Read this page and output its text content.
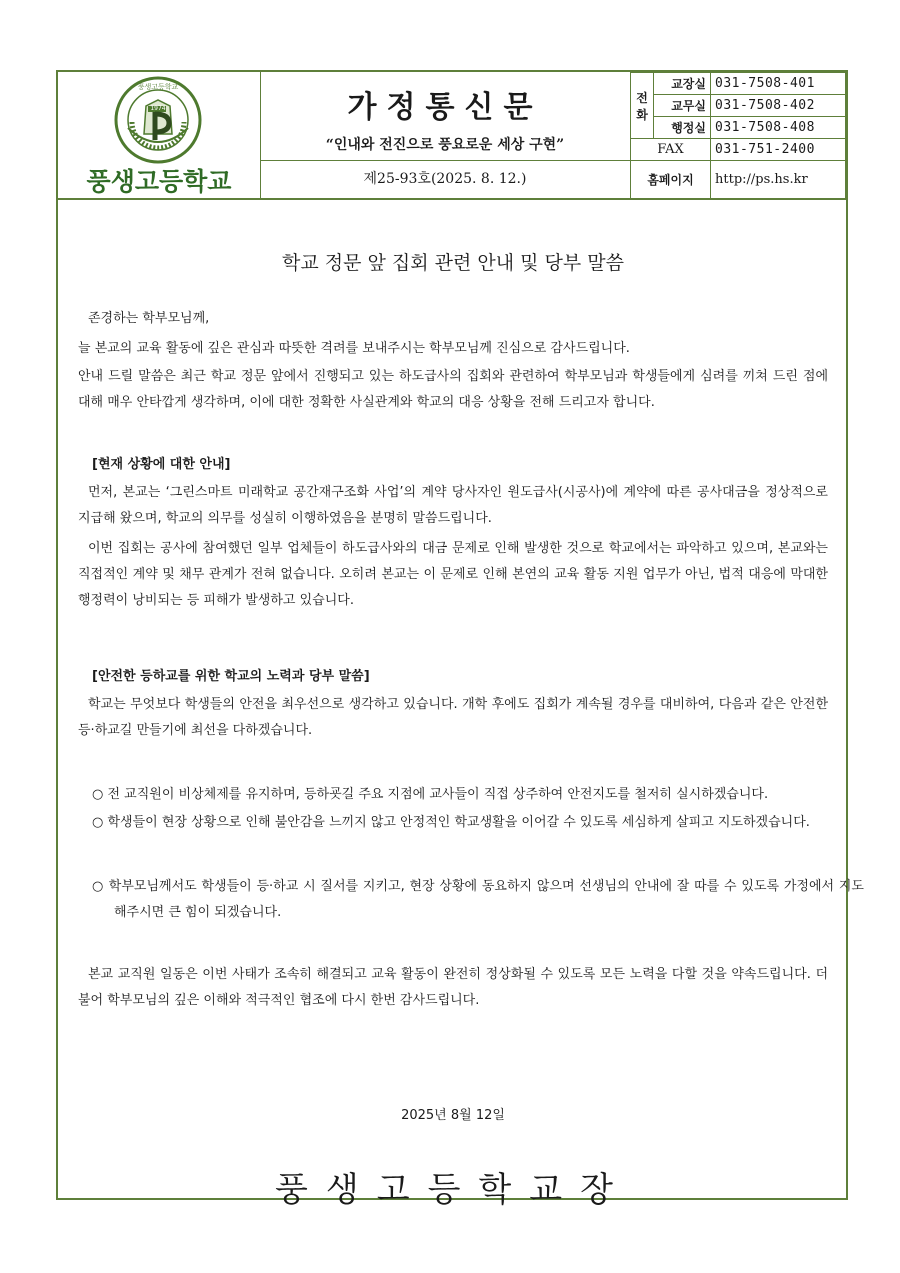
풍생고등학교
1974
풍생고등학교
가정통신문
“인내와 전진으로 풍요로운 세상 구현”
제25-93호(2025. 8. 12.)
전화	교장실	031-7508-401
	교무실	031-7508-402
	행정실	031-7508-408
FAX		031-751-2400
홈페이지		http://ps.hs.kr
학교 정문 앞 집회 관련 안내 및 당부 말씀
존경하는 학부모님께,
늘 본교의 교육 활동에 깊은 관심과 따뜻한 격려를 보내주시는 학부모님께 진심으로 감사드립니다.
안내 드릴 말씀은 최근 학교 정문 앞에서 진행되고 있는 하도급사의 집회와 관련하여 학부모님과 학생들에게 심려를 끼쳐 드린 점에 대해 매우 안타깝게 생각하며, 이에 대한 정확한 사실관계와 학교의 대응 상황을 전해 드리고자 합니다.
[현재 상황에 대한 안내]
먼저, 본교는 ‘그린스마트 미래학교 공간재구조화 사업’의 계약 당사자인 원도급사(시공사)에 계약에 따른 공사대금을 정상적으로 지급해 왔으며, 학교의 의무를 성실히 이행하였음을 분명히 말씀드립니다.
이번 집회는 공사에 참여했던 일부 업체들이 하도급사와의 대금 문제로 인해 발생한 것으로 학교에서는 파악하고 있으며, 본교와는 직접적인 계약 및 채무 관계가 전혀 없습니다. 오히려 본교는 이 문제로 인해 본연의 교육 활동 지원 업무가 아닌, 법적 대응에 막대한 행정력이 낭비되는 등 피해가 발생하고 있습니다.
[안전한 등하교를 위한 학교의 노력과 당부 말씀]
학교는 무엇보다 학생들의 안전을 최우선으로 생각하고 있습니다. 개학 후에도 집회가 계속될 경우를 대비하여, 다음과 같은 안전한 등·하교길 만들기에 최선을 다하겠습니다.
○ 전 교직원이 비상체제를 유지하며, 등하굣길 주요 지점에 교사들이 직접 상주하여 안전지도를 철저히 실시하겠습니다.
○ 학생들이 현장 상황으로 인해 불안감을 느끼지 않고 안정적인 학교생활을 이어갈 수 있도록 세심하게 살피고 지도하겠습니다.
○ 학부모님께서도 학생들이 등·하교 시 질서를 지키고, 현장 상황에 동요하지 않으며 선생님의 안내에 잘 따를 수 있도록 가정에서 지도해주시면 큰 힘이 되겠습니다.
본교 교직원 일동은 이번 사태가 조속히 해결되고 교육 활동이 완전히 정상화될 수 있도록 모든 노력을 다할 것을 약속드립니다. 더불어 학부모님의 깊은 이해와 적극적인 협조에 다시 한번 감사드립니다.
2025년 8월 12일
풍생고등학교장
